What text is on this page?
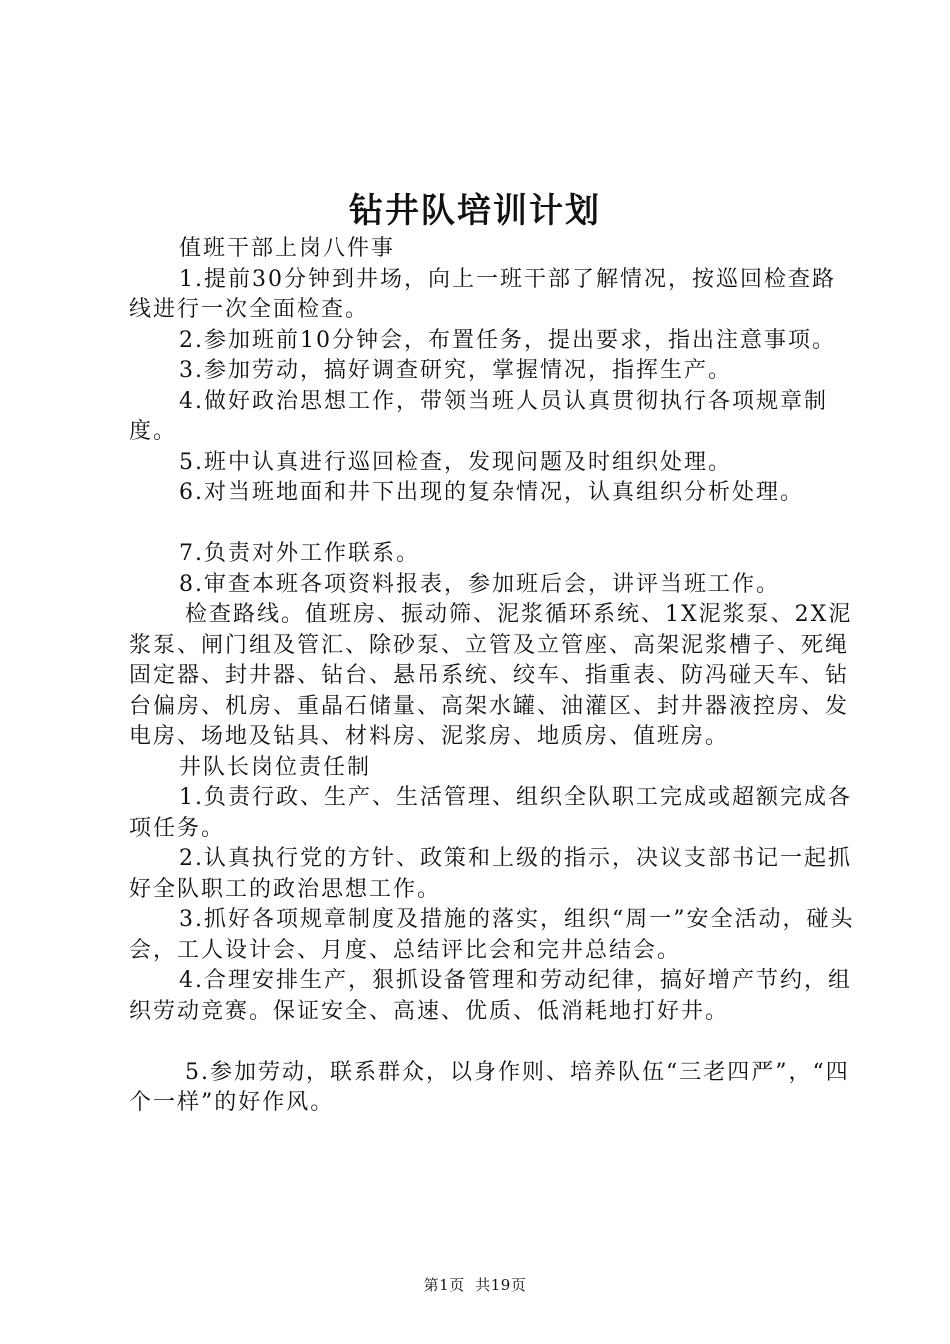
钻井队培训计划

值班干部上岗八件事

1.提前30分钟到井场，向上一班干部了解情况，按巡回检查路线进行一次全面检查。

2.参加班前10分钟会，布置任务，提出要求，指出注意事项。

3.参加劳动，搞好调查研究，掌握情况，指挥生产。

4.做好政治思想工作，带领当班人员认真贯彻执行各项规章制度。

5.班中认真进行巡回检查，发现问题及时组织处理。

6.对当班地面和井下出现的复杂情况，认真组织分析处理。

7.负责对外工作联系。

8.审查本班各项资料报表，参加班后会，讲评当班工作。

检查路线。值班房、振动筛、泥浆循环系统、1X泥浆泵、2X泥浆泵、闸门组及管汇、除砂泵、立管及立管座、高架泥浆槽子、死绳固定器、封井器、钻台、悬吊系统、绞车、指重表、防冯碰天车、钻台偏房、机房、重晶石储量、高架水罐、油灌区、封井器液控房、发电房、场地及钻具、材料房、泥浆房、地质房、值班房。

井队长岗位责任制

1.负责行政、生产、生活管理、组织全队职工完成或超额完成各项任务。

2.认真执行党的方针、政策和上级的指示，决议支部书记一起抓好全队职工的政治思想工作。

3.抓好各项规章制度及措施的落实，组织“周一”安全活动，碰头会，工人设计会、月度、总结评比会和完井总结会。

4.合理安排生产，狠抓设备管理和劳动纪律，搞好增产节约，组织劳动竞赛。保证安全、高速、优质、低消耗地打好井。

5.参加劳动，联系群众，以身作则、培养队伍“三老四严”，“四个一样”的好作风。

第1页 共19页
